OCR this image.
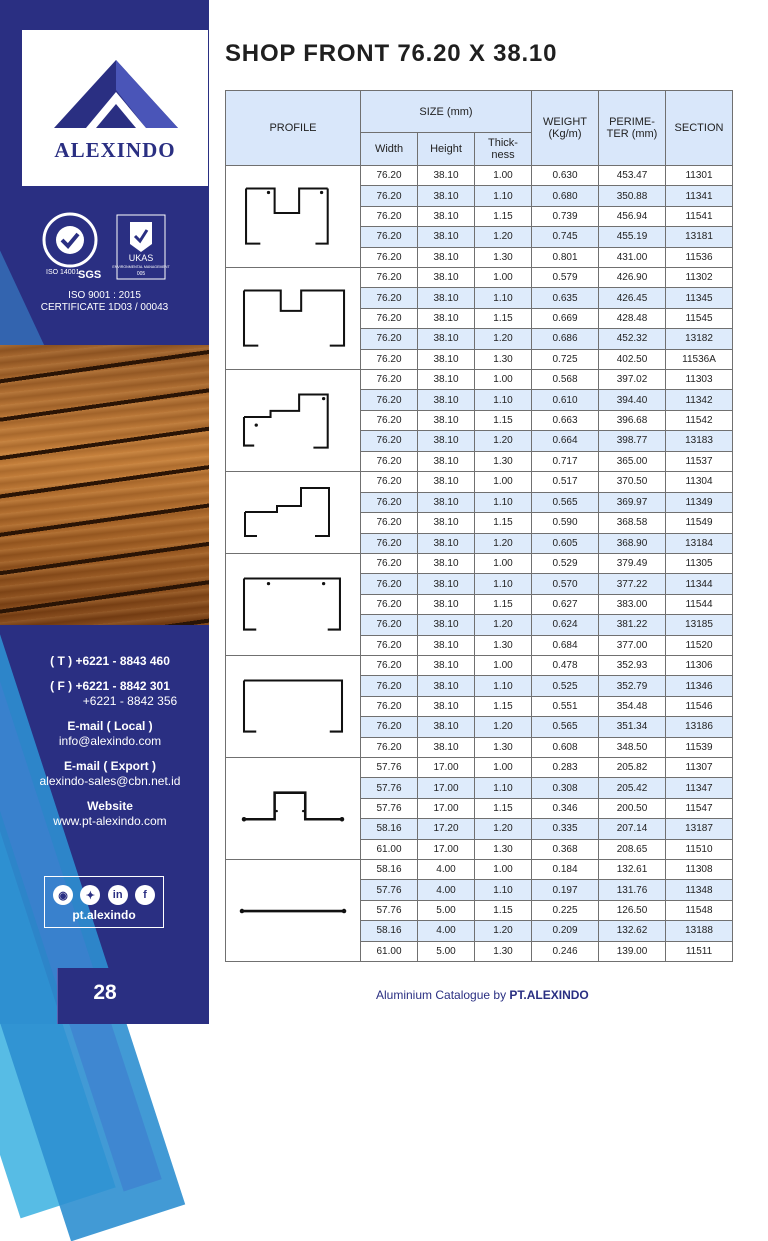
ALEXINDO
ISO 14001
SGS
UKAS
ENVIRONMENTAL MANAGEMENT
005
ISO 9001 : 2015
CERTIFICATE 1D03 / 00043
( T ) +6221 - 8843 460
( F ) +6221 - 8842 301
+6221 - 8842 356
E-mail ( Local )
info@alexindo.com
E-mail ( Export )
alexindo-sales@cbn.net.id
Website
www.pt-alexindo.com
◉	✦	in	f
pt.alexindo
28
SHOP FRONT 76.20 X 38.10
PROFILE	SIZE (mm)			WEIGHT (Kg/m)	PERIME- TER (mm)	SECTION
	Width	Height	Thick- ness			
	76.20	38.10	1.00	0.630	453.47	11301
	76.20	38.10	1.10	0.680	350.88	11341
	76.20	38.10	1.15	0.739	456.94	11541
	76.20	38.10	1.20	0.745	455.19	13181
	76.20	38.10	1.30	0.801	431.00	11536
	76.20	38.10	1.00	0.579	426.90	11302
	76.20	38.10	1.10	0.635	426.45	11345
	76.20	38.10	1.15	0.669	428.48	11545
	76.20	38.10	1.20	0.686	452.32	13182
	76.20	38.10	1.30	0.725	402.50	11536A
	76.20	38.10	1.00	0.568	397.02	11303
	76.20	38.10	1.10	0.610	394.40	11342
	76.20	38.10	1.15	0.663	396.68	11542
	76.20	38.10	1.20	0.664	398.77	13183
	76.20	38.10	1.30	0.717	365.00	11537
	76.20	38.10	1.00	0.517	370.50	11304
	76.20	38.10	1.10	0.565	369.97	11349
	76.20	38.10	1.15	0.590	368.58	11549
	76.20	38.10	1.20	0.605	368.90	13184
	76.20	38.10	1.00	0.529	379.49	11305
	76.20	38.10	1.10	0.570	377.22	11344
	76.20	38.10	1.15	0.627	383.00	11544
	76.20	38.10	1.20	0.624	381.22	13185
	76.20	38.10	1.30	0.684	377.00	11520
	76.20	38.10	1.00	0.478	352.93	11306
	76.20	38.10	1.10	0.525	352.79	11346
	76.20	38.10	1.15	0.551	354.48	11546
	76.20	38.10	1.20	0.565	351.34	13186
	76.20	38.10	1.30	0.608	348.50	11539
	57.76	17.00	1.00	0.283	205.82	11307
	57.76	17.00	1.10	0.308	205.42	11347
	57.76	17.00	1.15	0.346	200.50	11547
	58.16	17.20	1.20	0.335	207.14	13187
	61.00	17.00	1.30	0.368	208.65	11510
	58.16	4.00	1.00	0.184	132.61	11308
	57.76	4.00	1.10	0.197	131.76	11348
	57.76	5.00	1.15	0.225	126.50	11548
	58.16	4.00	1.20	0.209	132.62	13188
	61.00	5.00	1.30	0.246	139.00	11511
Aluminium Catalogue by PT.ALEXINDO
